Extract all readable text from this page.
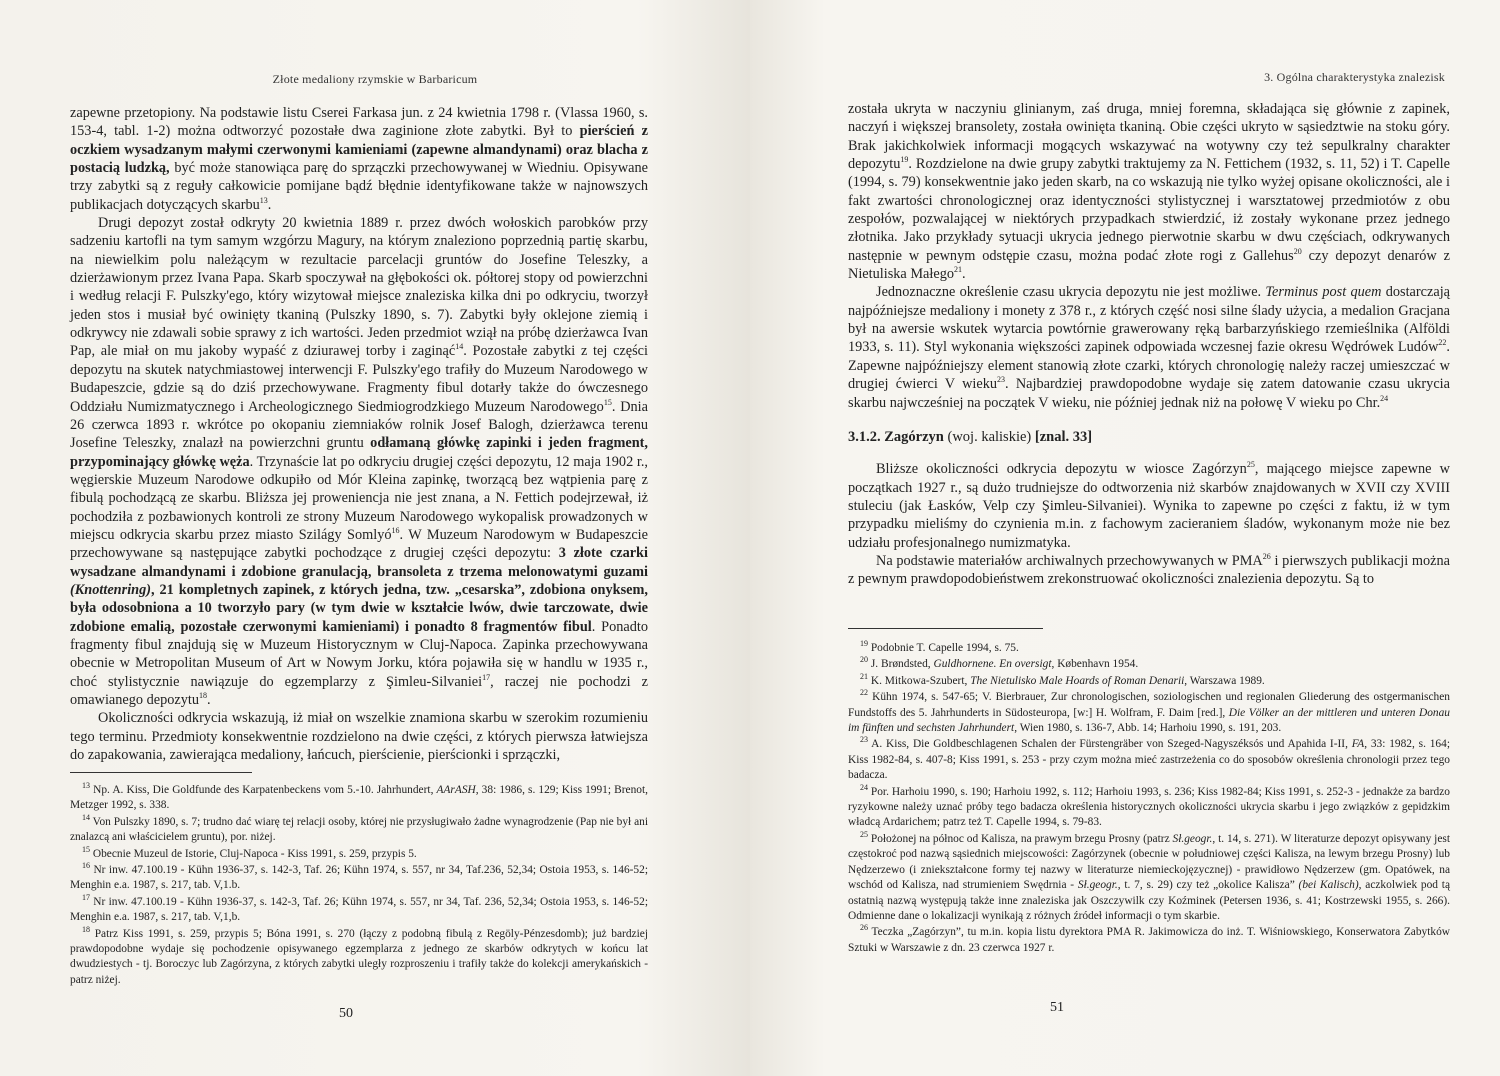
Złote medaliony rzymskie w Barbaricum

zapewne przetopiony. Na podstawie listu Cserei Farkasa jun. z 24 kwietnia 1798 r. (Vlassa 1960, s. 153-4, tabl. 1-2) można odtworzyć pozostałe dwa zaginione złote zabytki. Był to pierścień z oczkiem wysadzanym małymi czerwonymi kamieniami (zapewne almandynami) oraz blacha z postacią ludzką, być może stanowiąca parę do sprzączki przechowywanej w Wiedniu. Opisywane trzy zabytki są z reguły całkowicie pomijane bądź błędnie identyfikowane także w najnowszych publikacjach dotyczących skarbu$^{13}$.

Drugi depozyt został odkryty 20 kwietnia 1889 r. przez dwóch wołoskich parobków przy sadzeniu kartofli na tym samym wzgórzu Magury, na którym znaleziono poprzednią partię skarbu, na niewielkim polu należącym w rezultacie parcelacji gruntów do Josefine Teleszky, a dzierżawionym przez Ivana Papa. Skarb spoczywał na głębokości ok. półtorej stopy od powierzchni i według relacji F. Pulszky'ego, który wizytował miejsce znaleziska kilka dni po odkryciu, tworzył jeden stos i musiał być owinięty tkaniną (Pulszky 1890, s. 7). Zabytki były oklejone ziemią i odkrywcy nie zdawali sobie sprawy z ich wartości. Jeden przedmiot wziął na próbę dzierżawca Ivan Pap, ale miał on mu jakoby wypaść z dziurawej torby i zaginąć$^{14}$. Pozostałe zabytki z tej części depozytu na skutek natychmiastowej interwencji F. Pulszky'ego trafiły do Muzeum Narodowego w Budapeszcie, gdzie są do dziś przechowywane. Fragmenty fibul dotarły także do ówczesnego Oddziału Numizmatycznego i Archeologicznego Siedmiogrodzkiego Muzeum Narodowego$^{15}$. Dnia 26 czerwca 1893 r. wkrótce po okopaniu ziemniaków rolnik Josef Balogh, dzierżawca terenu Josefine Teleszky, znalazł na powierzchni gruntu odłamaną główkę zapinki i jeden fragment, przypominający główkę węża. Trzynaście lat po odkryciu drugiej części depozytu, 12 maja 1902 r., węgierskie Muzeum Narodowe odkupiło od Mór Kleina zapinkę, tworzącą bez wątpienia parę z fibulą pochodzącą ze skarbu. Bliższa jej proweniencja nie jest znana, a N. Fettich podejrzewał, iż pochodziła z pozbawionych kontroli ze strony Muzeum Narodowego wykopalisk prowadzonych w miejscu odkrycia skarbu przez miasto Szilágy Somlyó$^{16}$. W Muzeum Narodowym w Budapeszcie przechowywane są następujące zabytki pochodzące z drugiej części depozytu: 3 złote czarki wysadzane almandynami i zdobione granulacją, bransoleta z trzema melonowatymi guzami (Knottenring), 21 kompletnych zapinek, z których jedna, tzw. „cesarska”, zdobiona onyksem, była odosobniona a 10 tworzyło pary (w tym dwie w kształcie lwów, dwie tarczowate, dwie zdobione emalią, pozostałe czerwonymi kamieniami) i ponadto 8 fragmentów fibul. Ponadto fragmenty fibul znajdują się w Muzeum Historycznym w Cluj-Napoca. Zapinka przechowywana obecnie w Metropolitan Museum of Art w Nowym Jorku, która pojawiła się w handlu w 1935 r., choć stylistycznie nawiązuje do egzemplarzy z Şimleu-Silvaniei$^{17}$, raczej nie pochodzi z omawianego depozytu$^{18}$.

Okoliczności odkrycia wskazują, iż miał on wszelkie znamiona skarbu w szerokim rozumieniu tego terminu. Przedmioty konsekwentnie rozdzielono na dwie części, z których pierwsza łatwiejsza do zapakowania, zawierająca medaliony, łańcuch, pierścienie, pierścionki i sprzączki,

$^{13}$ Np. A. Kiss, Die Goldfunde des Karpatenbeckens vom 5.-10. Jahrhundert, AArASH, 38: 1986, s. 129; Kiss 1991; Brenot, Metzger 1992, s. 338.

$^{14}$ Von Pulszky 1890, s. 7; trudno dać wiarę tej relacji osoby, której nie przysługiwało żadne wynagrodzenie (Pap nie był ani znalazcą ani właścicielem gruntu), por. niżej.

$^{15}$ Obecnie Muzeul de Istorie, Cluj-Napoca - Kiss 1991, s. 259, przypis 5.

$^{16}$ Nr inw. 47.100.19 - Kühn 1936-37, s. 142-3, Taf. 26; Kühn 1974, s. 557, nr 34, Taf.236, 52,34; Ostoia 1953, s. 146-52; Menghin e.a. 1987, s. 217, tab. V,1.b.

$^{17}$ Nr inw. 47.100.19 - Kühn 1936-37, s. 142-3, Taf. 26; Kühn 1974, s. 557, nr 34, Taf. 236, 52,34; Ostoia 1953, s. 146-52; Menghin e.a. 1987, s. 217, tab. V,1,b.

$^{18}$ Patrz Kiss 1991, s. 259, przypis 5; Bóna 1991, s. 270 (łączy z podobną fibulą z Regöly-Pénzesdomb); już bardziej prawdopodobne wydaje się pochodzenie opisywanego egzemplarza z jednego ze skarbów odkrytych w końcu lat dwudziestych - tj. Boroczyc lub Zagórzyna, z których zabytki uległy rozproszeniu i trafiły także do kolekcji amerykańskich - patrz niżej.

50
3. Ogólna charakterystyka znalezisk

została ukryta w naczyniu glinianym, zaś druga, mniej foremna, składająca się głównie z zapinek, naczyń i większej bransolety, została owinięta tkaniną. Obie części ukryto w sąsiedztwie na stoku góry. Brak jakichkolwiek informacji mogących wskazywać na wotywny czy też sepulkralny charakter depozytu$^{19}$. Rozdzielone na dwie grupy zabytki traktujemy za N. Fettichem (1932, s. 11, 52) i T. Capelle (1994, s. 79) konsekwentnie jako jeden skarb, na co wskazują nie tylko wyżej opisane okoliczności, ale i fakt zwartości chronologicznej oraz identyczności stylistycznej i warsztatowej przedmiotów z obu zespołów, pozwalającej w niektórych przypadkach stwierdzić, iż zostały wykonane przez jednego złotnika. Jako przykłady sytuacji ukrycia jednego pierwotnie skarbu w dwu częściach, odkrywanych następnie w pewnym odstępie czasu, można podać złote rogi z Gallehus$^{20}$ czy depozyt denarów z Nietuliska Małego$^{21}$.

Jednoznaczne określenie czasu ukrycia depozytu nie jest możliwe. Terminus post quem dostarczają najpóźniejsze medaliony i monety z 378 r., z których część nosi silne ślady użycia, a medalion Gracjana był na awersie wskutek wytarcia powtórnie grawerowany ręką barbarzyńskiego rzemieślnika (Alföldi 1933, s. 11). Styl wykonania większości zapinek odpowiada wczesnej fazie okresu Wędrówek Ludów$^{22}$. Zapewne najpóźniejszy element stanowią złote czarki, których chronologię należy raczej umieszczać w drugiej ćwierci V wieku$^{23}$. Najbardziej prawdopodobne wydaje się zatem datowanie czasu ukrycia skarbu najwcześniej na początek V wieku, nie później jednak niż na połowę V wieku po Chr.$^{24}$

3.1.2. Zagórzyn (woj. kaliskie) [znal. 33]

Bliższe okoliczności odkrycia depozytu w wiosce Zagórzyn$^{25}$, mającego miejsce zapewne w początkach 1927 r., są dużo trudniejsze do odtworzenia niż skarbów znajdowanych w XVII czy XVIII stuleciu (jak Łasków, Velp czy Şimleu-Silvaniei). Wynika to zapewne po części z faktu, iż w tym przypadku mieliśmy do czynienia m.in. z fachowym zacieraniem śladów, wykonanym może nie bez udziału profesjonalnego numizmatyka.

Na podstawie materiałów archiwalnych przechowywanych w PMA$^{26}$ i pierwszych publikacji można z pewnym prawdopodobieństwem zrekonstruować okoliczności znalezienia depozytu. Są to

$^{19}$ Podobnie T. Capelle 1994, s. 75.

$^{20}$ J. Brøndsted, Guldhornene. En oversigt, København 1954.

$^{21}$ K. Mitkowa-Szubert, The Nietulisko Male Hoards of Roman Denarii, Warszawa 1989.

$^{22}$ Kühn 1974, s. 547-65; V. Bierbrauer, Zur chronologischen, soziologischen und regionalen Gliederung des ostgermanischen Fundstoffs des 5. Jahrhunderts in Südosteuropa, [w:] H. Wolfram, F. Daim [red.], Die Völker an der mittleren und unteren Donau im fünften und sechsten Jahrhundert, Wien 1980, s. 136-7, Abb. 14; Harhoiu 1990, s. 191, 203.

$^{23}$ A. Kiss, Die Goldbeschlagenen Schalen der Fürstengräber von Szeged-Nagyszéksós und Apahida I-II, FA, 33: 1982, s. 164; Kiss 1982-84, s. 407-8; Kiss 1991, s. 253 - przy czym można mieć zastrzeżenia co do sposobów określenia chronologii przez tego badacza.

$^{24}$ Por. Harhoiu 1990, s. 190; Harhoiu 1992, s. 112; Harhoiu 1993, s. 236; Kiss 1982-84; Kiss 1991, s. 252-3 - jednakże za bardzo ryzykowne należy uznać próby tego badacza określenia historycznych okoliczności ukrycia skarbu i jego związków z gepidzkim władcą Ardarichem; patrz też T. Capelle 1994, s. 79-83.

$^{25}$ Położonej na północ od Kalisza, na prawym brzegu Prosny (patrz Sł.geogr., t. 14, s. 271). W literaturze depozyt opisywany jest częstokroć pod nazwą sąsiednich miejscowości: Zagórzynek (obecnie w południowej części Kalisza, na lewym brzegu Prosny) lub Nędzerzewo (i zniekształcone formy tej nazwy w literaturze niemieckojęzycznej) - prawidłowo Nędzerzew (gm. Opatówek, na wschód od Kalisza, nad strumieniem Swędrnia - Sł.geogr., t. 7, s. 29) czy też „okolice Kalisza” (bei Kalisch), aczkolwiek pod tą ostatnią nazwą występują także inne znaleziska jak Oszczywilk czy Koźminek (Petersen 1936, s. 41; Kostrzewski 1955, s. 266). Odmienne dane o lokalizacji wynikają z różnych źródeł informacji o tym skarbie.

$^{26}$ Teczka „Zagórzyn”, tu m.in. kopia listu dyrektora PMA R. Jakimowicza do inż. T. Wiśniowskiego, Konserwatora Zabytków Sztuki w Warszawie z dn. 23 czerwca 1927 r.

51
